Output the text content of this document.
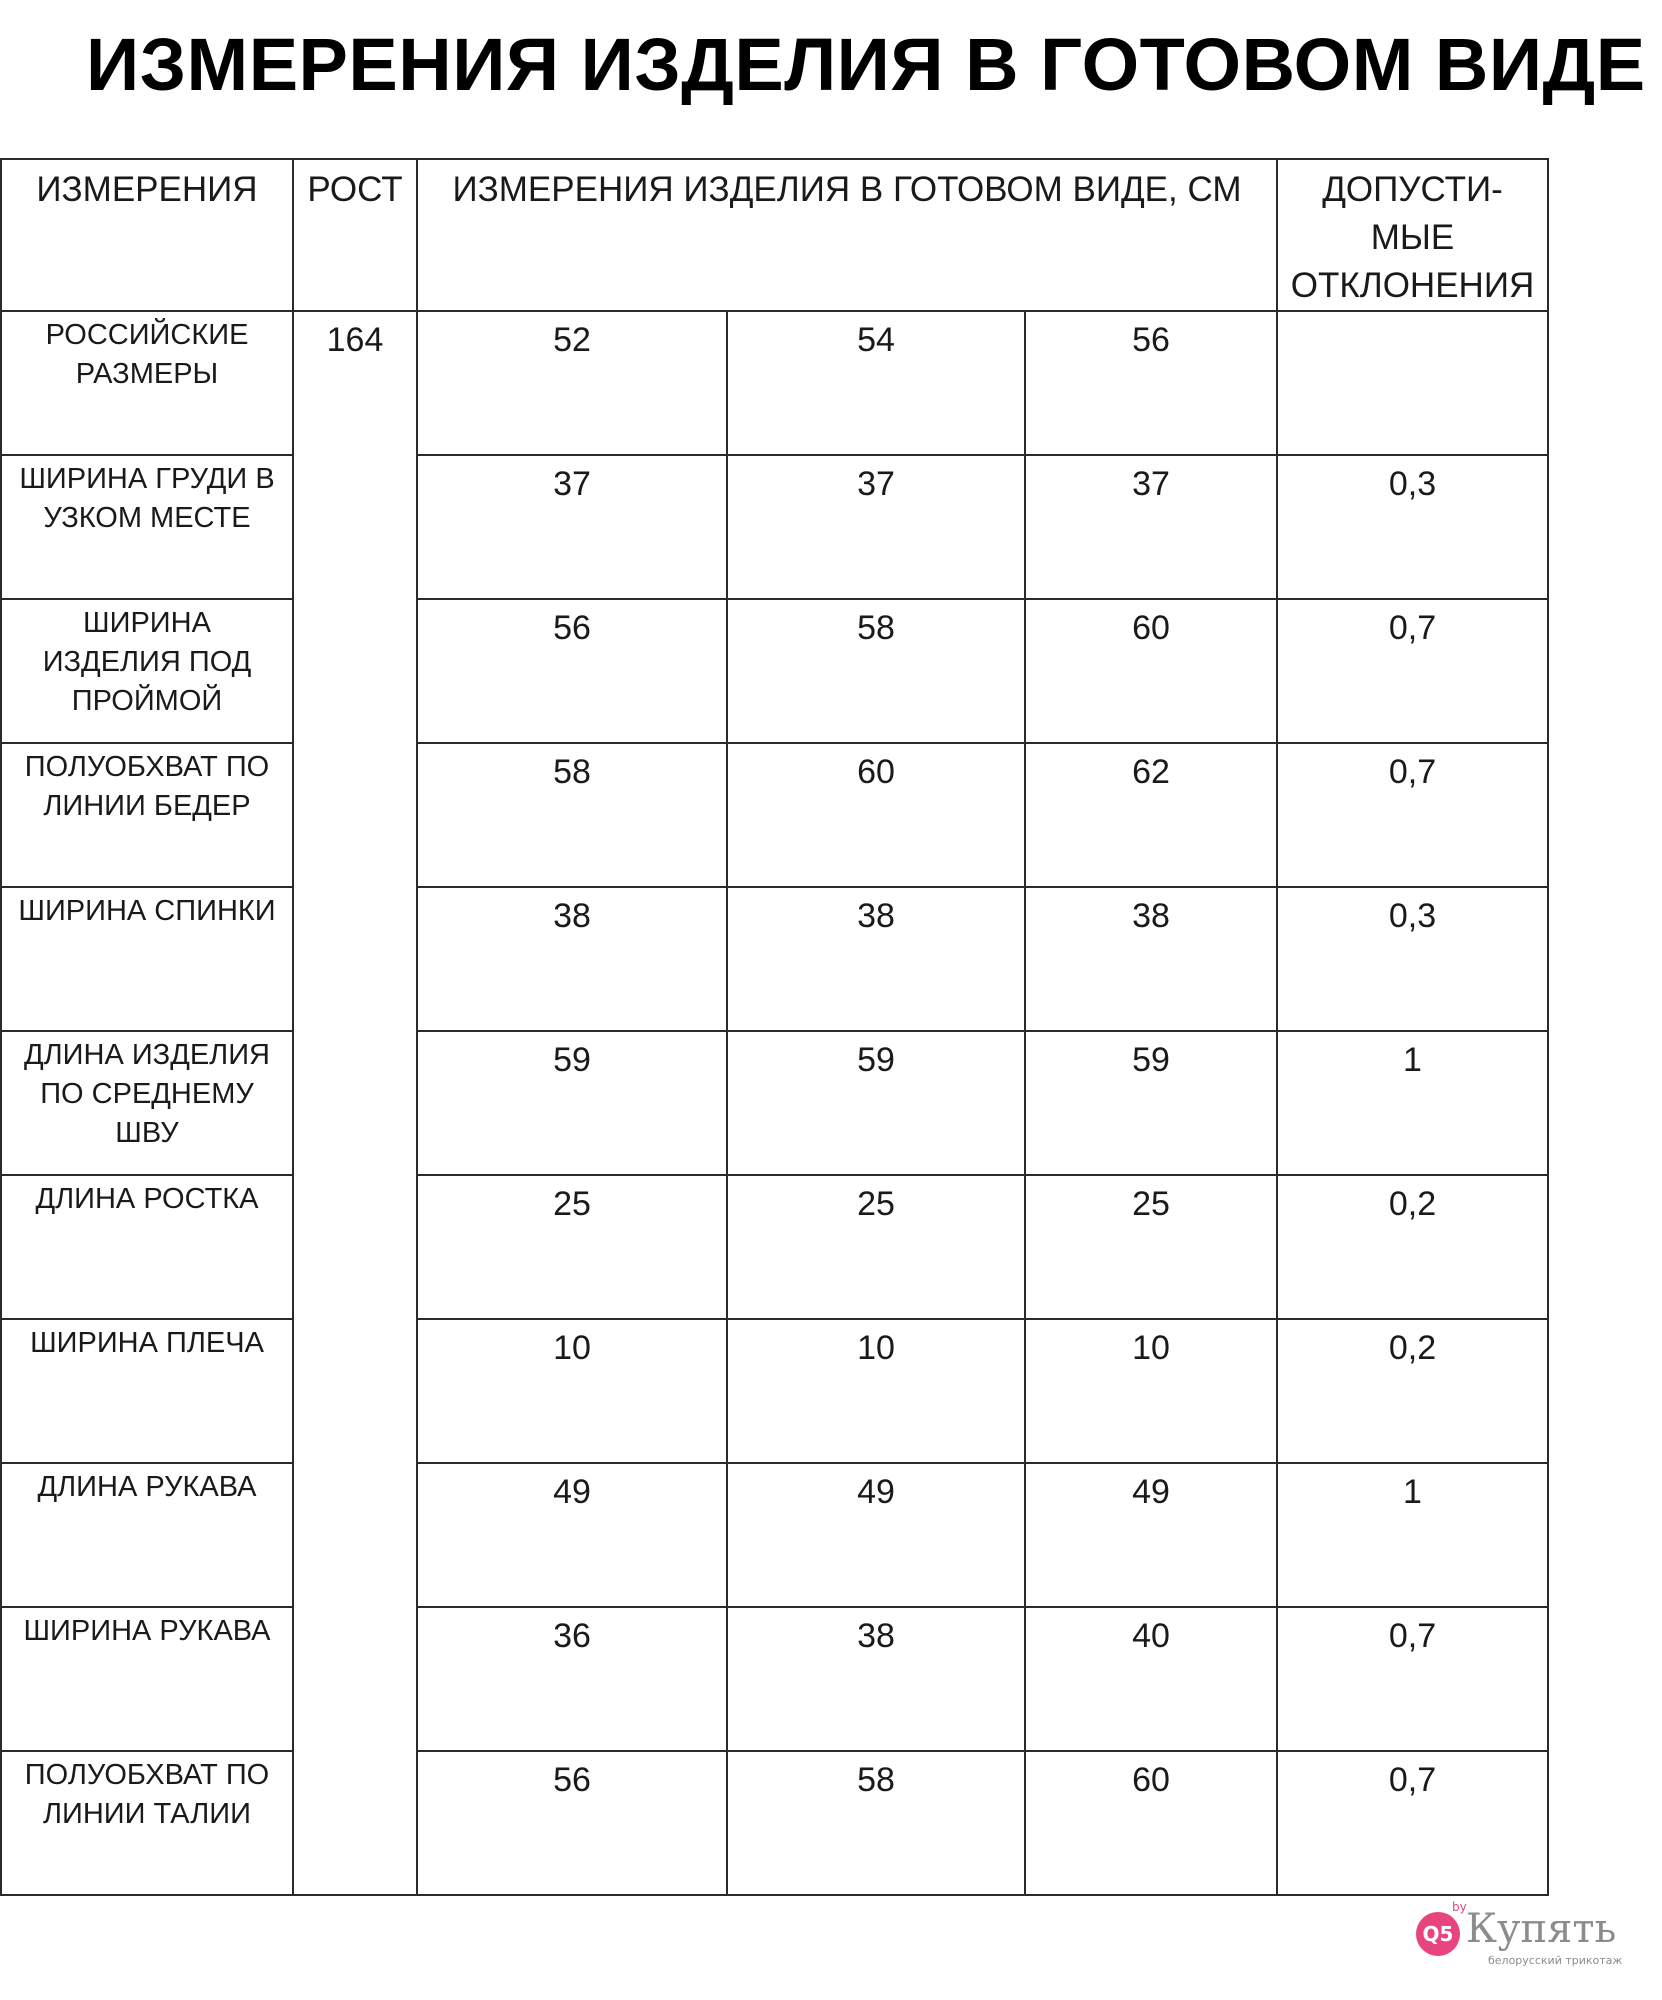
ИЗМЕРЕНИЯ ИЗДЕЛИЯ В ГОТОВОМ ВИДЕ
ИЗМЕРЕНИЯ	РОСТ	ИЗМЕРЕНИЯ ИЗДЕЛИЯ В ГОТОВОМ ВИДЕ, СМ			ДОПУСТИ-
МЫЕ
ОТКЛОНЕНИЯ

РОССИЙСКИЕ
РАЗМЕРЫ	164	52	54	56	

ШИРИНА ГРУДИ В
УЗКОМ МЕСТЕ		37	37	37	0,3

ШИРИНА
ИЗДЕЛИЯ ПОД
ПРОЙМОЙ		56	58	60	0,7

ПОЛУОБХВАТ ПО
ЛИНИИ БЕДЕР		58	60	62	0,7

ШИРИНА СПИНКИ		38	38	38	0,3

ДЛИНА ИЗДЕЛИЯ
ПО СРЕДНЕМУ
ШВУ		59	59	59	1

ДЛИНА РОСТКА		25	25	25	0,2

ШИРИНА ПЛЕЧА		10	10	10	0,2

ДЛИНА РУКАВА		49	49	49	1

ШИРИНА РУКАВА		36	38	40	0,7

ПОЛУОБХВАТ ПО
ЛИНИИ ТАЛИИ		56	58	60	0,7
Q5
by Купять
белорусский трикотаж
